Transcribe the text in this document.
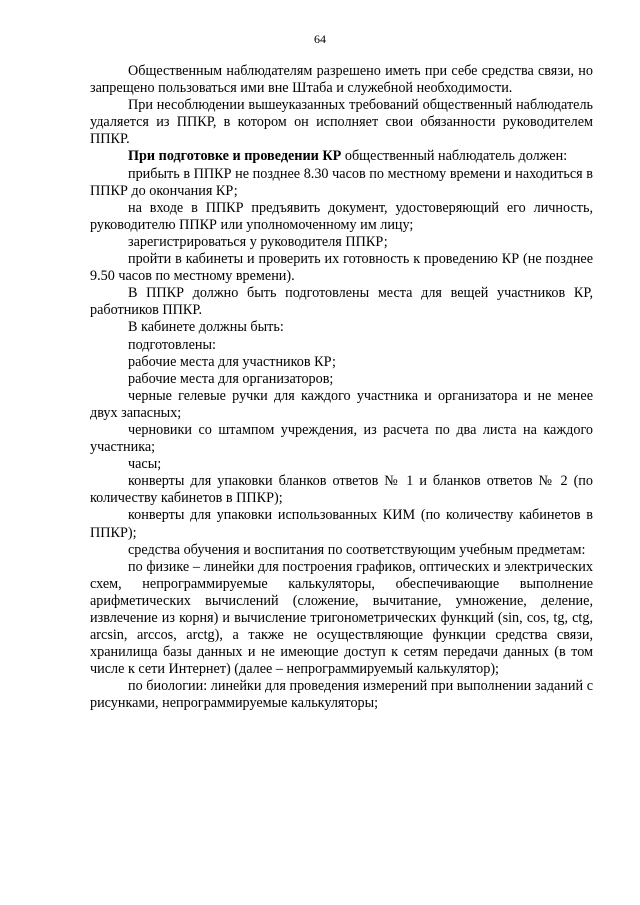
64

Общественным наблюдателям разрешено иметь при себе средства связи, но запрещено пользоваться ими вне Штаба и служебной необходимости.

При несоблюдении вышеуказанных требований общественный наблюдатель удаляется из ППКР, в котором он исполняет свои обязанности руководителем ППКР.

При подготовке и проведении КР общественный наблюдатель должен:

прибыть в ППКР не позднее 8.30 часов по местному времени и находиться в ППКР до окончания КР;

на входе в ППКР предъявить документ, удостоверяющий его личность, руководителю ППКР или уполномоченному им лицу;

зарегистрироваться у руководителя ППКР;

пройти в кабинеты и проверить их готовность к проведению КР (не позднее 9.50 часов по местному времени).

В ППКР должно быть подготовлены места для вещей участников КР, работников ППКР.

В кабинете должны быть:

подготовлены:

рабочие места для участников КР;

рабочие места для организаторов;

черные гелевые ручки для каждого участника и организатора и не менее двух запасных;

черновики со штампом учреждения, из расчета по два листа на каждого участника;

часы;

конверты для упаковки бланков ответов № 1 и бланков ответов № 2 (по количеству кабинетов в ППКР);

конверты для упаковки использованных КИМ (по количеству кабинетов в ППКР);

средства обучения и воспитания по соответствующим учебным предметам:

по физике – линейки для построения графиков, оптических и электрических схем, непрограммируемые калькуляторы, обеспечивающие выполнение арифметических вычислений (сложение, вычитание, умножение, деление, извлечение из корня) и вычисление тригонометрических функций (sin, cos, tg, ctg, arcsin, arccos, arctg), а также не осуществляющие функции средства связи, хранилища базы данных и не имеющие доступ к сетям передачи данных (в том числе к сети Интернет) (далее – непрограммируемый калькулятор);

по биологии: линейки для проведения измерений при выполнении заданий с рисунками, непрограммируемые калькуляторы;
